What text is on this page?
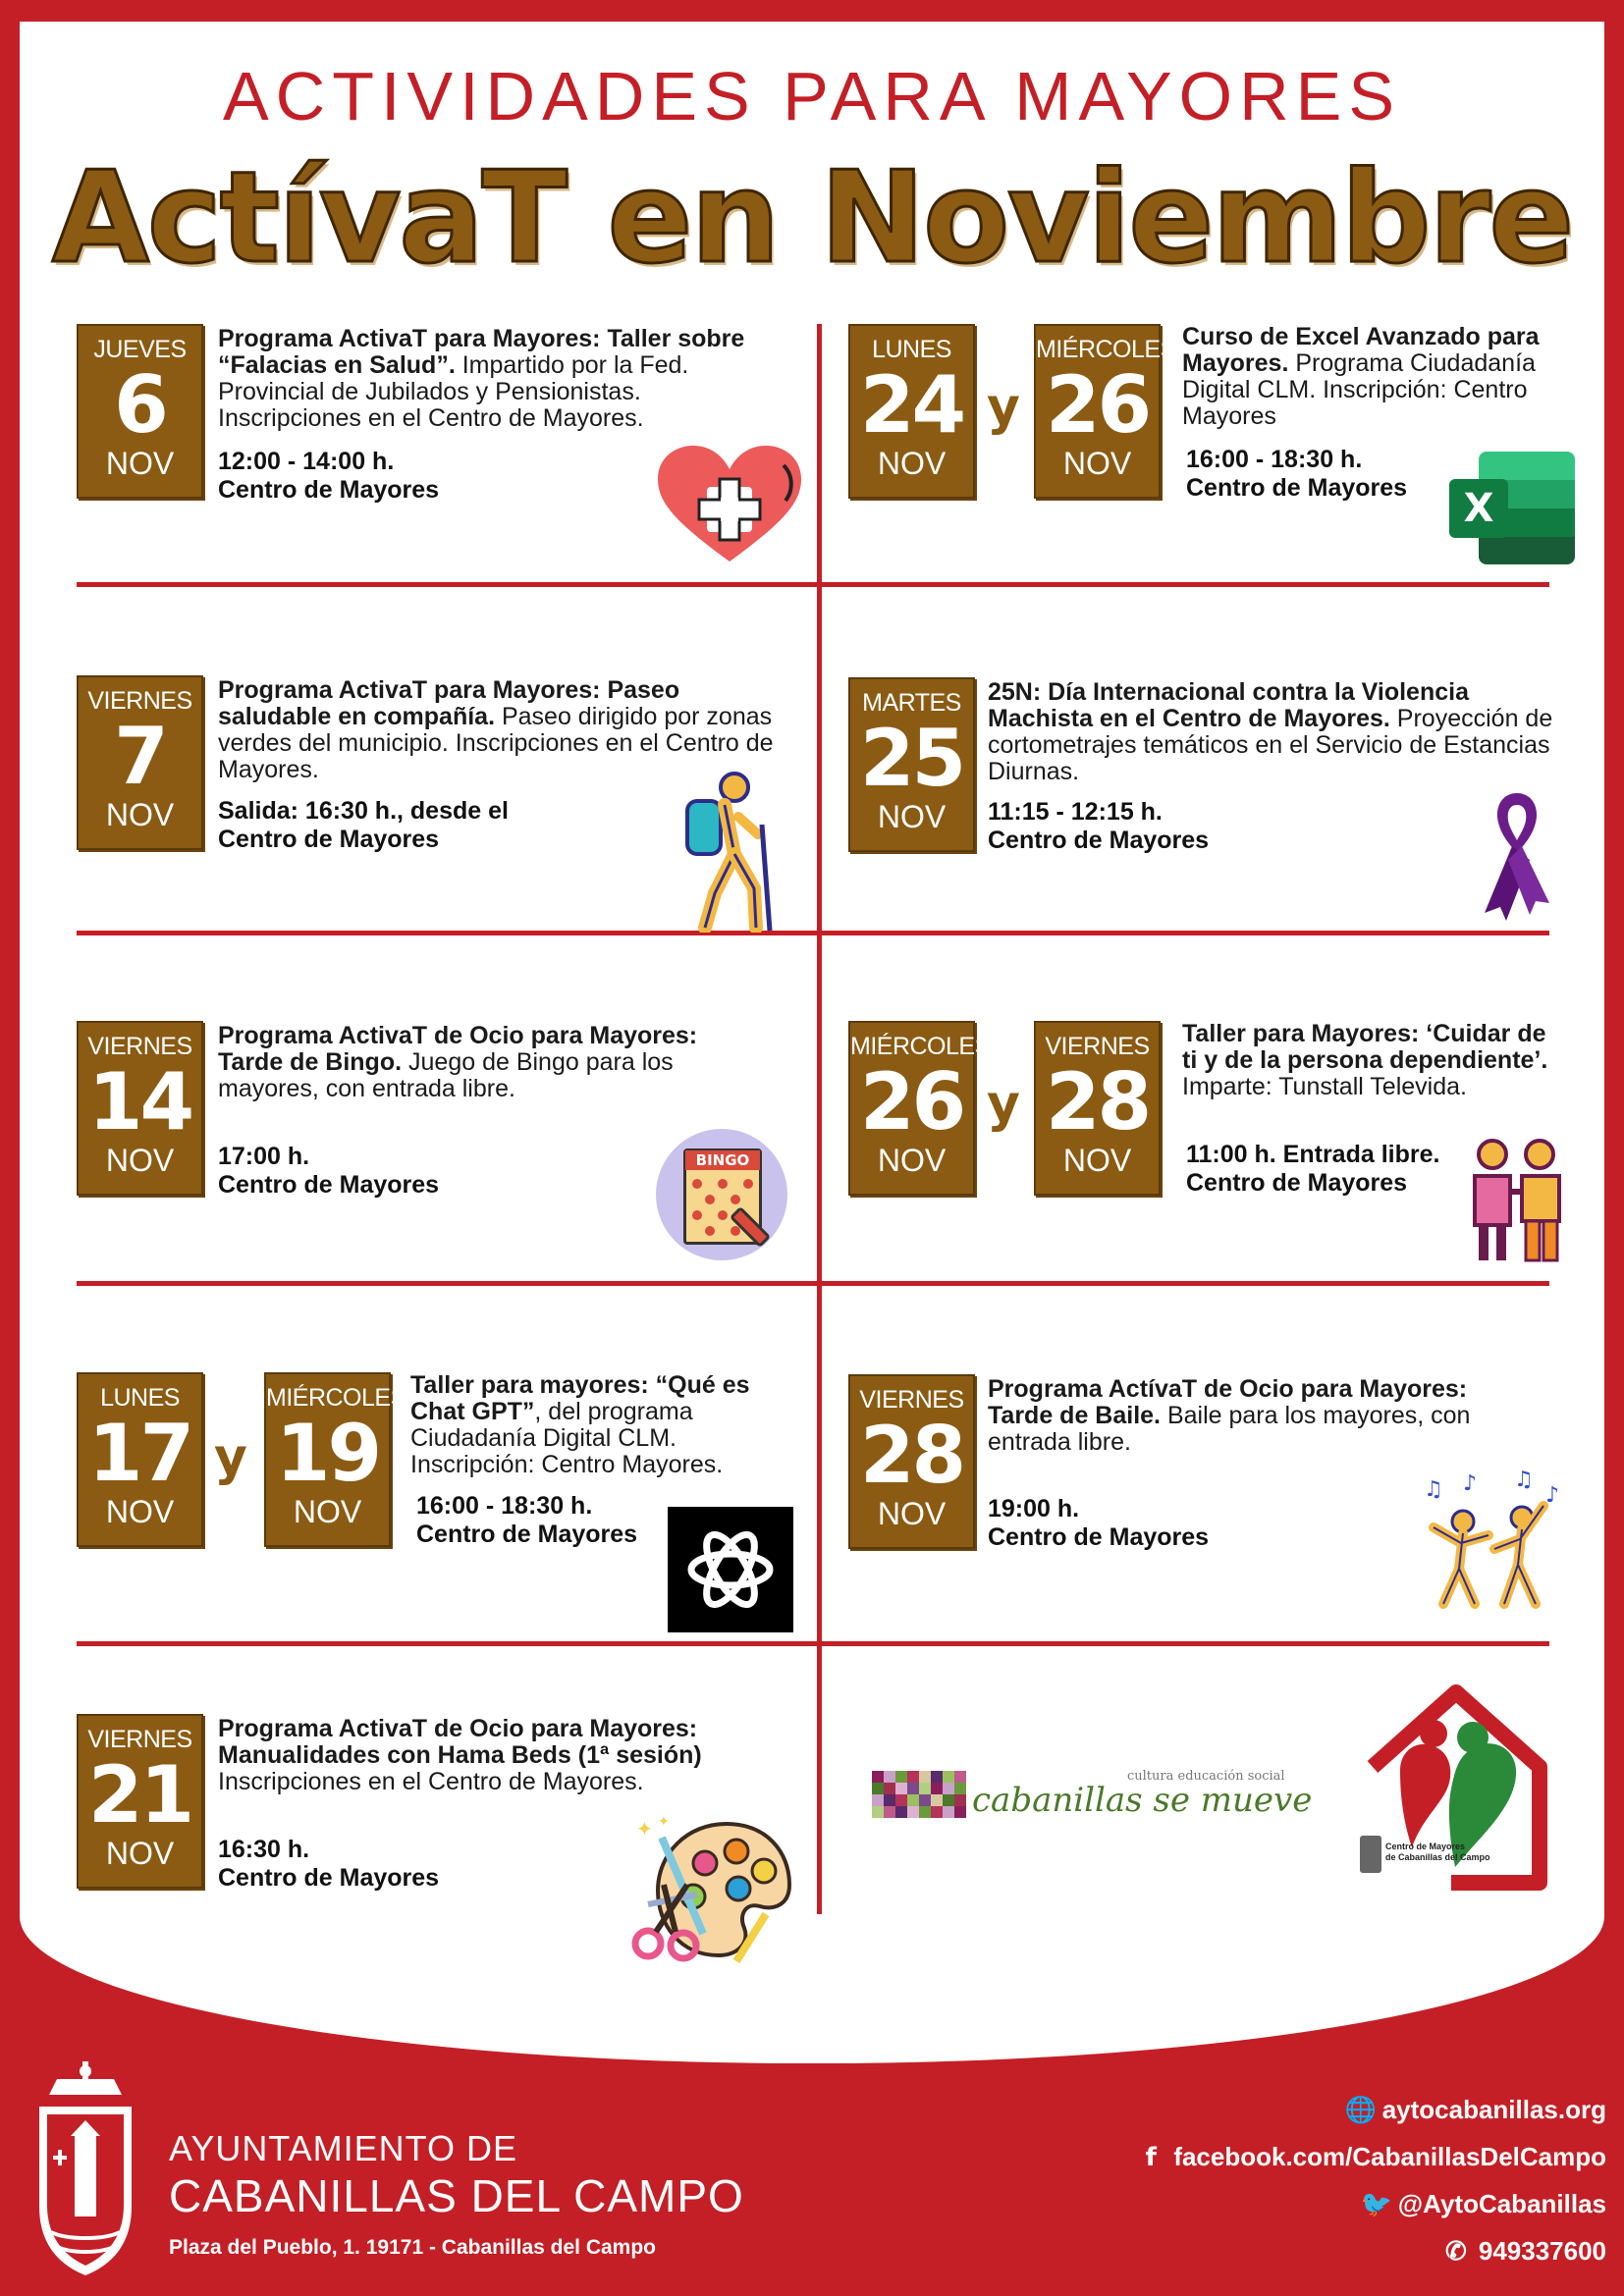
ACTIVIDADES PARA MAYORES
ActívaT en Noviembre
JUEVES
6
NOV
Programa ActivaT para Mayores: Taller sobre “Falacias en Salud”. Impartido por la Fed. Provincial de Jubilados y Pensionistas. Inscripciones en el Centro de Mayores.
12:00 - 14:00 h.
Centro de Mayores
LUNES
24
NOV
y
MIÉRCOLES
26
NOV
Curso de Excel Avanzado para Mayores. Programa Ciudadanía Digital CLM. Inscripción: Centro Mayores
16:00 - 18:30 h.
Centro de Mayores	X
VIERNES
7
NOV
Programa ActivaT para Mayores: Paseo saludable en compañía. Paseo dirigido por zonas verdes del municipio. Inscripciones en el Centro de Mayores.
Salida: 16:30 h., desde el
Centro de Mayores
MARTES
25
NOV
25N: Día Internacional contra la Violencia Machista en el Centro de Mayores. Proyección de cortometrajes temáticos en el Servicio de Estancias Diurnas.
11:15 - 12:15 h.
Centro de Mayores
VIERNES
14
NOV
Programa ActivaT de Ocio para Mayores: Tarde de Bingo. Juego de Bingo para los mayores, con entrada libre.
17:00 h.
Centro de Mayores
BINGO
MIÉRCOLES
26
NOV
y
VIERNES
28
NOV
Taller para Mayores: ‘Cuidar de ti y de la persona dependiente’. Imparte: Tunstall Televida.
11:00 h. Entrada libre.
Centro de Mayores
LUNES
17
NOV
y
MIÉRCOLES
19
NOV
Taller para mayores: “Qué es Chat GPT”, del programa Ciudadanía Digital CLM. Inscripción: Centro Mayores.
16:00 - 18:30 h.
Centro de Mayores
VIERNES
28
NOV
Programa ActívaT de Ocio para Mayores: Tarde de Baile. Baile para los mayores, con entrada libre.
19:00 h.
Centro de Mayores
♫ ♪ ♫
♪
VIERNES
21
NOV
Programa ActivaT de Ocio para Mayores: Manualidades con Hama Beds (1ª sesión) Inscripciones en el Centro de Mayores.
16:30 h.
Centro de Mayores
✦ ✦
cultura educación social
cabanillas se mueve
Centro de Mayores
de Cabanillas del Campo
AYUNTAMIENTO DE
CABANILLAS DEL CAMPO
Plaza del Pueblo, 1. 19171 - Cabanillas del Campo
🌐 aytocabanillas.org
f facebook.com/CabanillasDelCampo
🐦 @AytoCabanillas
✆ 949337600
